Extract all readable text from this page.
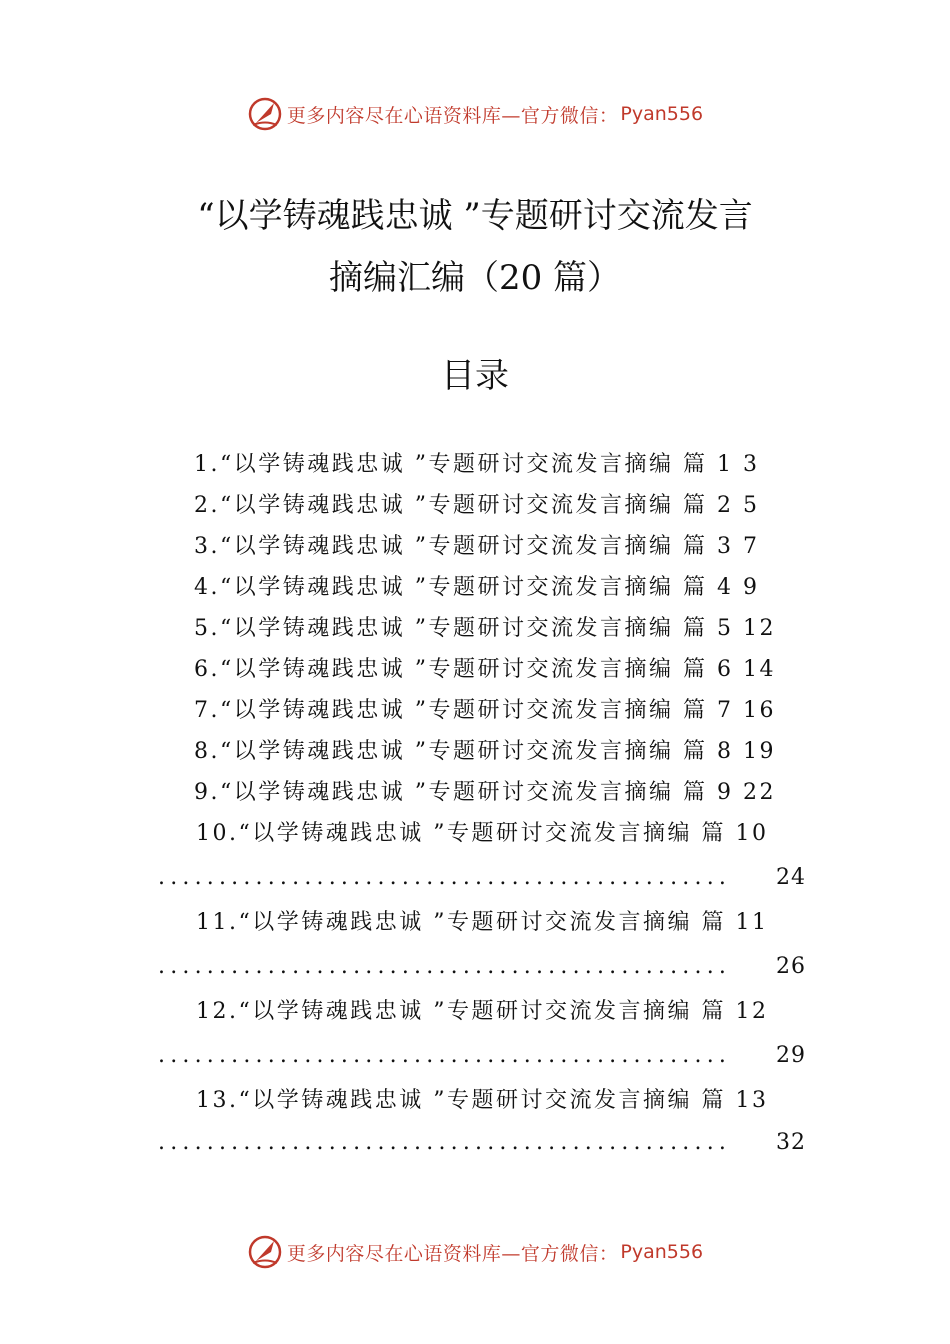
更多内容尽在心语资料库—官方微信： Pyan556
“以学铸魂践忠诚 ”专题研讨交流发言
摘编汇编（20 篇）
目录
1.“以学铸魂践忠诚 ”专题研讨交流发言摘编 篇 1 3
2.“以学铸魂践忠诚 ”专题研讨交流发言摘编 篇 2 5
3.“以学铸魂践忠诚 ”专题研讨交流发言摘编 篇 3 7
4.“以学铸魂践忠诚 ”专题研讨交流发言摘编 篇 4 9
5.“以学铸魂践忠诚 ”专题研讨交流发言摘编 篇 5 12
6.“以学铸魂践忠诚 ”专题研讨交流发言摘编 篇 6 14
7.“以学铸魂践忠诚 ”专题研讨交流发言摘编 篇 7 16
8.“以学铸魂践忠诚 ”专题研讨交流发言摘编 篇 8 19
9.“以学铸魂践忠诚 ”专题研讨交流发言摘编 篇 9 22
10.“以学铸魂践忠诚 ”专题研讨交流发言摘编 篇 10
............................................... 24
11.“以学铸魂践忠诚 ”专题研讨交流发言摘编 篇 11
............................................... 26
12.“以学铸魂践忠诚 ”专题研讨交流发言摘编 篇 12
............................................... 29
13.“以学铸魂践忠诚 ”专题研讨交流发言摘编 篇 13
............................................... 32
更多内容尽在心语资料库—官方微信： Pyan556
